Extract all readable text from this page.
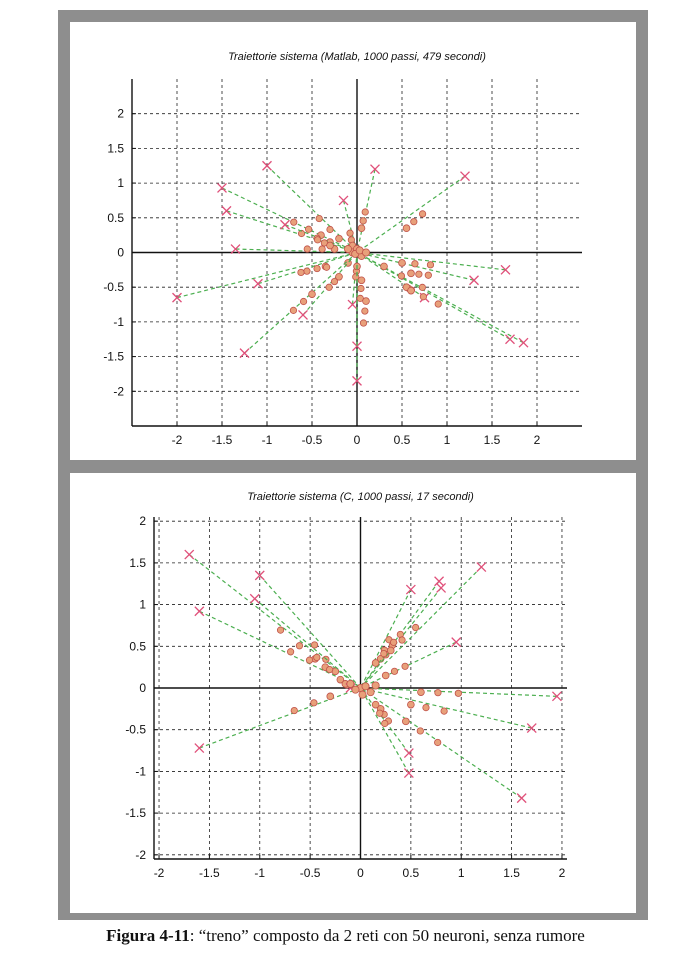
Traiettorie sistema (Matlab, 1000 passi, 479 secondi)
-2 -1.5 -1 -0.5	0	0.5	1	1.5	2
2
1.5
1
0.5
0
-0.5
-1
-1.5
-2
Traiettorie sistema (C, 1000 passi, 17 secondi)
-2	-1.5	-1	-0.5	0	0.5	1	1.5	2
2
1.5
1
0.5
0
-0.5
-1
-1.5
-2
Figura 4-11: “treno” composto da 2 reti con 50 neuroni, senza rumore
